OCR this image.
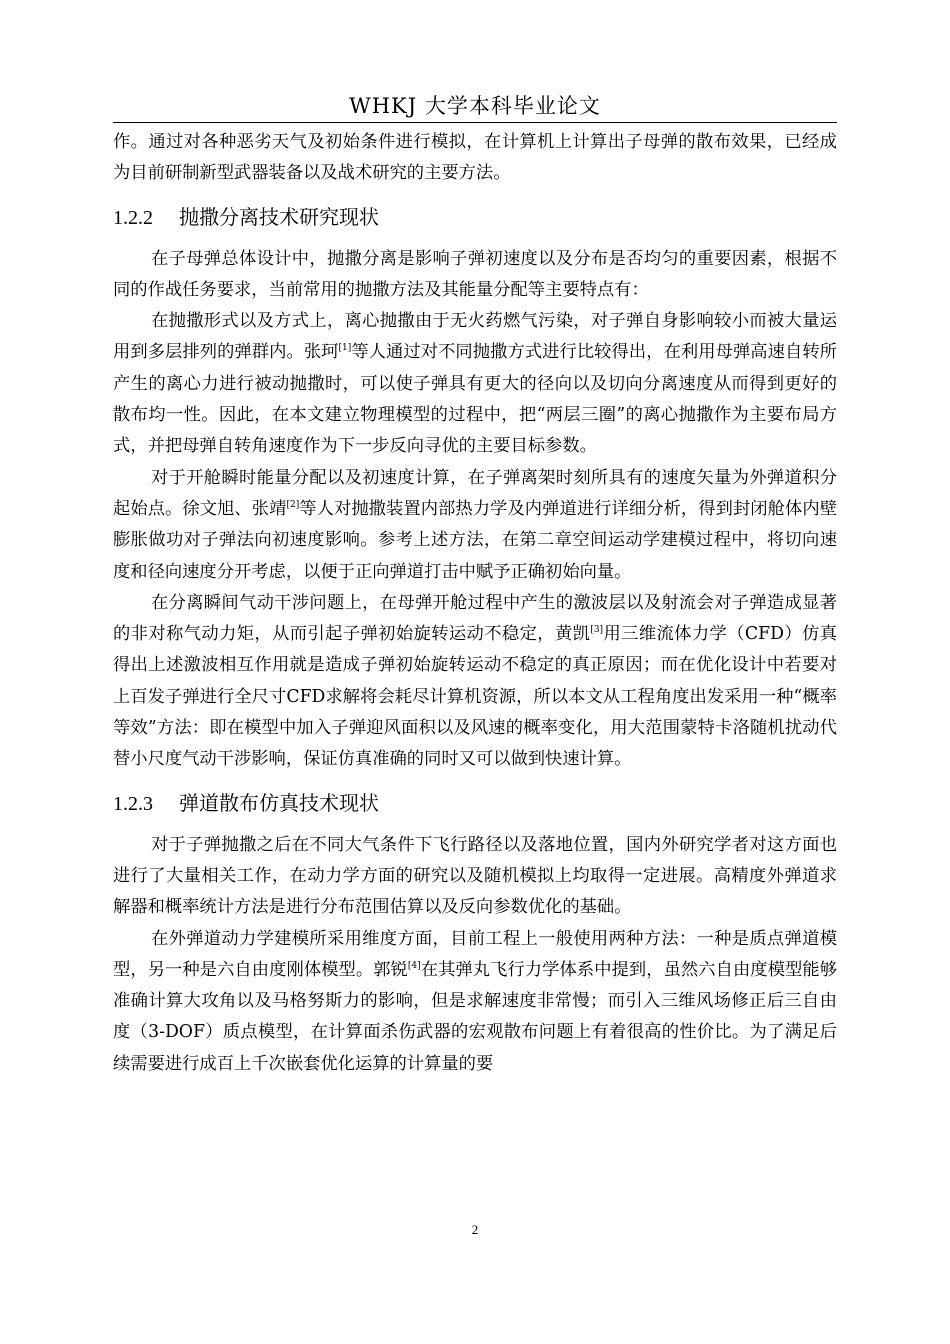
WHKJ 大学本科毕业论文

作。通过对各种恶劣天气及初始条件进行模拟，在计算机上计算出子母弹的散布效果，已经成为目前研制新型武器装备以及战术研究的主要方法。

1.2.2 抛撒分离技术研究现状

在子母弹总体设计中，抛撒分离是影响子弹初速度以及分布是否均匀的重要因素，根据不同的作战任务要求，当前常用的抛撒方法及其能量分配等主要特点有：

在抛撒形式以及方式上，离心抛撒由于无火药燃气污染，对子弹自身影响较小而被大量运用到多层排列的弹群内。张珂[1]等人通过对不同抛撒方式进行比较得出，在利用母弹高速自转所产生的离心力进行被动抛撒时，可以使子弹具有更大的径向以及切向分离速度从而得到更好的散布均一性。因此，在本文建立物理模型的过程中，把“两层三圈”的离心抛撒作为主要布局方式，并把母弹自转角速度作为下一步反向寻优的主要目标参数。

对于开舱瞬时能量分配以及初速度计算，在子弹离架时刻所具有的速度矢量为外弹道积分起始点。徐文旭、张靖[2]等人对抛撒装置内部热力学及内弹道进行详细分析，得到封闭舱体内壁膨胀做功对子弹法向初速度影响。参考上述方法，在第二章空间运动学建模过程中，将切向速度和径向速度分开考虑，以便于正向弹道打击中赋予正确初始向量。

在分离瞬间气动干涉问题上，在母弹开舱过程中产生的激波层以及射流会对子弹造成显著的非对称气动力矩，从而引起子弹初始旋转运动不稳定，黄凯[3]用三维流体力学（CFD）仿真得出上述激波相互作用就是造成子弹初始旋转运动不稳定的真正原因；而在优化设计中若要对上百发子弹进行全尺寸CFD求解将会耗尽计算机资源，所以本文从工程角度出发采用一种“概率等效”方法：即在模型中加入子弹迎风面积以及风速的概率变化，用大范围蒙特卡洛随机扰动代替小尺度气动干涉影响，保证仿真准确的同时又可以做到快速计算。

1.2.3 弹道散布仿真技术现状

对于子弹抛撒之后在不同大气条件下飞行路径以及落地位置，国内外研究学者对这方面也进行了大量相关工作，在动力学方面的研究以及随机模拟上均取得一定进展。高精度外弹道求解器和概率统计方法是进行分布范围估算以及反向参数优化的基础。

在外弹道动力学建模所采用维度方面，目前工程上一般使用两种方法：一种是质点弹道模型，另一种是六自由度刚体模型。郭锐[4]在其弹丸飞行力学体系中提到，虽然六自由度模型能够准确计算大攻角以及马格努斯力的影响，但是求解速度非常慢；而引入三维风场修正后三自由度（3-DOF）质点模型，在计算面杀伤武器的宏观散布问题上有着很高的性价比。为了满足后续需要进行成百上千次嵌套优化运算的计算量的要

2
